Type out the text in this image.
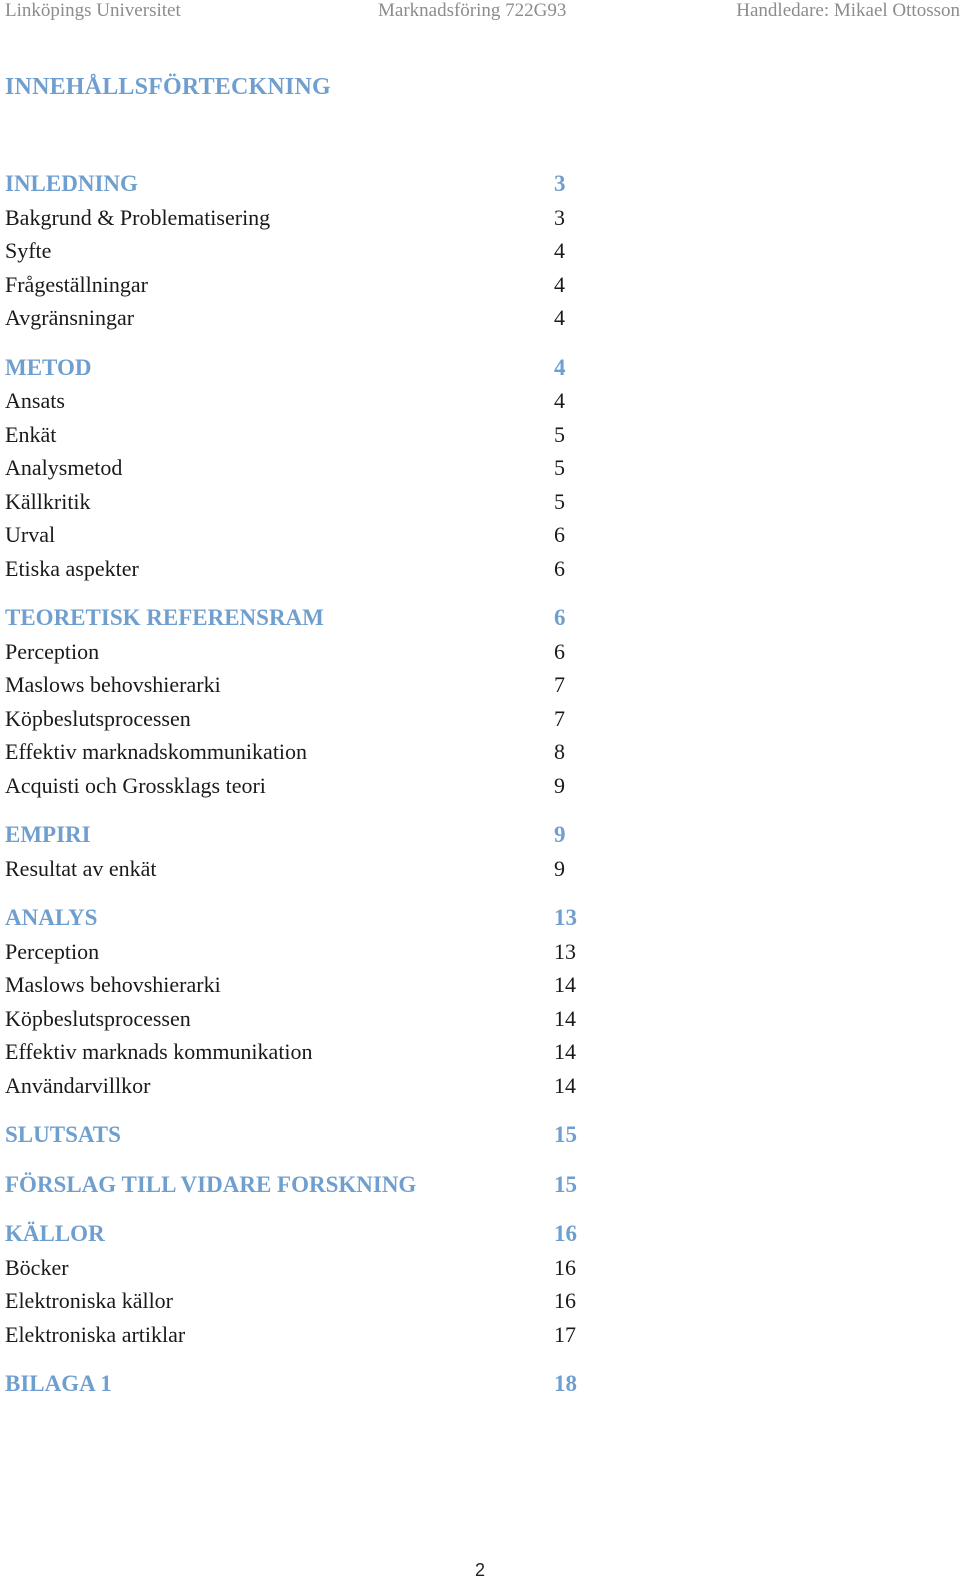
Linköpings Universitet	Marknadsföring 722G93	Handledare: Mikael Ottosson
INNEHÅLLSFÖRTECKNING
INLEDNING	3
Bakgrund & Problematisering	3
Syfte	4
Frågeställningar	4
Avgränsningar	4
METOD	4
Ansats	4
Enkät	5
Analysmetod	5
Källkritik	5
Urval	6
Etiska aspekter	6
TEORETISK REFERENSRAM	6
Perception	6
Maslows behovshierarki	7
Köpbeslutsprocessen	7
Effektiv marknadskommunikation	8
Acquisti och Grossklags teori	9
EMPIRI	9
Resultat av enkät	9
ANALYS	13
Perception	13
Maslows behovshierarki	14
Köpbeslutsprocessen	14
Effektiv marknads kommunikation	14
Användarvillkor	14
SLUTSATS	15
FÖRSLAG TILL VIDARE FORSKNING	15
KÄLLOR	16
Böcker	16
Elektroniska källor	16
Elektroniska artiklar	17
BILAGA 1	18
2
